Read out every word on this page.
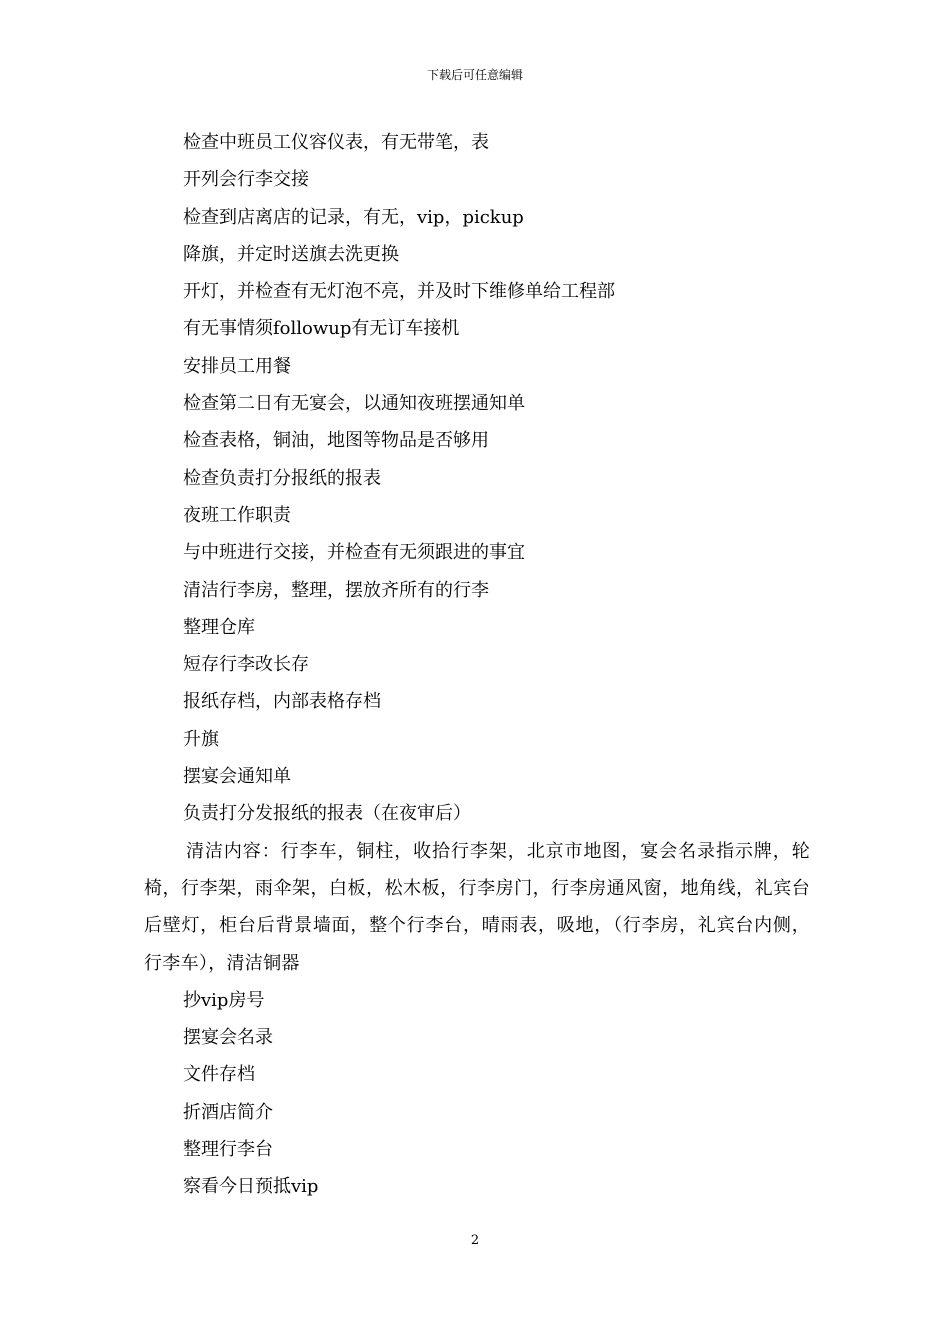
下载后可任意编辑

检查中班员工仪容仪表，有无带笔，表

开列会行李交接

检查到店离店的记录，有无，vip，pickup

降旗，并定时送旗去洗更换

开灯，并检查有无灯泡不亮，并及时下维修单给工程部

有无事情须followup有无订车接机

安排员工用餐

检查第二日有无宴会，以通知夜班摆通知单

检查表格，铜油，地图等物品是否够用

检查负责打分报纸的报表

夜班工作职责

与中班进行交接，并检查有无须跟进的事宜

清洁行李房，整理，摆放齐所有的行李

整理仓库

短存行李改长存

报纸存档，内部表格存档

升旗

摆宴会通知单

负责打分发报纸的报表（在夜审后）

清洁内容：行李车，铜柱，收拾行李架，北京市地图，宴会名录指示牌，轮椅，行李架，雨伞架，白板，松木板，行李房门，行李房通风窗，地角线，礼宾台后壁灯，柜台后背景墙面，整个行李台，晴雨表，吸地，（行李房，礼宾台内侧，行李车），清洁铜器

抄vip房号

摆宴会名录

文件存档

折酒店简介

整理行李台

察看今日预抵vip

2
